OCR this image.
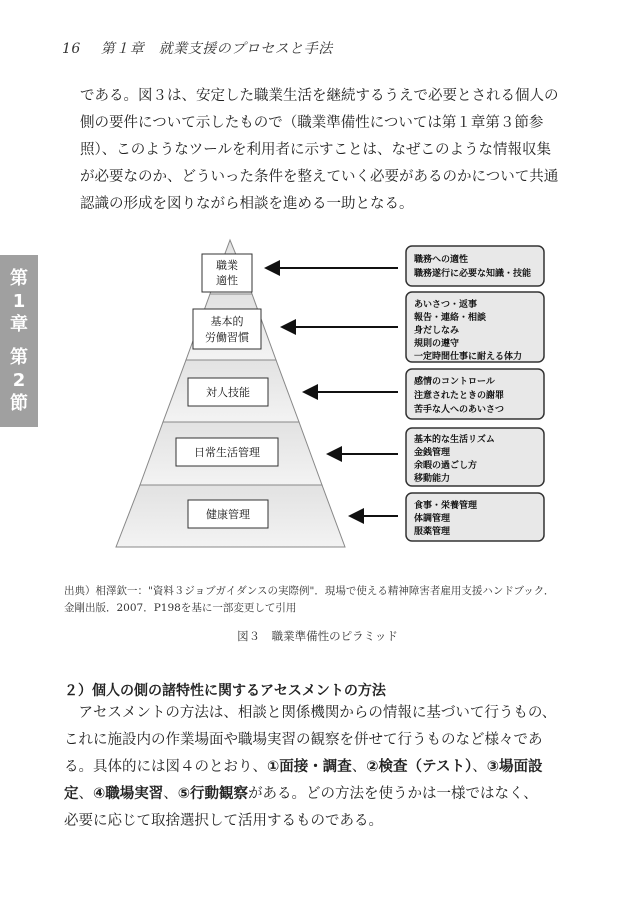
16 第１章　就業支援のプロセスと手法
である。図３は、安定した職業生活を継続するうえで必要とされる個人の
側の要件について示したもので（職業準備性については第１章第３節参
照）、このようなツールを利用者に示すことは、なぜこのような情報収集
が必要なのか、どういった条件を整えていく必要があるのかについて共通
認識の形成を図りながら相談を進める一助となる。
第
1
章
第
2
節
職業
適性
基本的
労働習慣
対人技能
日常生活管理
健康管理
職務への適性
職務遂行に必要な知識・技能
あいさつ・返事
報告・連絡・相談
身だしなみ
規則の遵守
一定時間仕事に耐える体力
感情のコントロール
注意されたときの謝罪
苦手な人へのあいさつ
基本的な生活リズム
金銭管理
余暇の過ごし方
移動能力
食事・栄養管理
体調管理
服薬管理
出典）相澤欽一："資料３ジョブガイダンスの実際例"．現場で使える精神障害者雇用支援ハンドブック．
金剛出版．2007．P198を基に一部変更して引用
図３　職業準備性のピラミッド
２）個人の側の諸特性に関するアセスメントの方法
　アセスメントの方法は、相談と関係機関からの情報に基づいて行うもの、
これに施設内の作業場面や職場実習の観察を併せて行うものなど様々であ
る。具体的には図４のとおり、①面接・調査、②検査（テスト）、③場面設
定、④職場実習、⑤行動観察がある。どの方法を使うかは一様ではなく、
必要に応じて取捨選択して活用するものである。
